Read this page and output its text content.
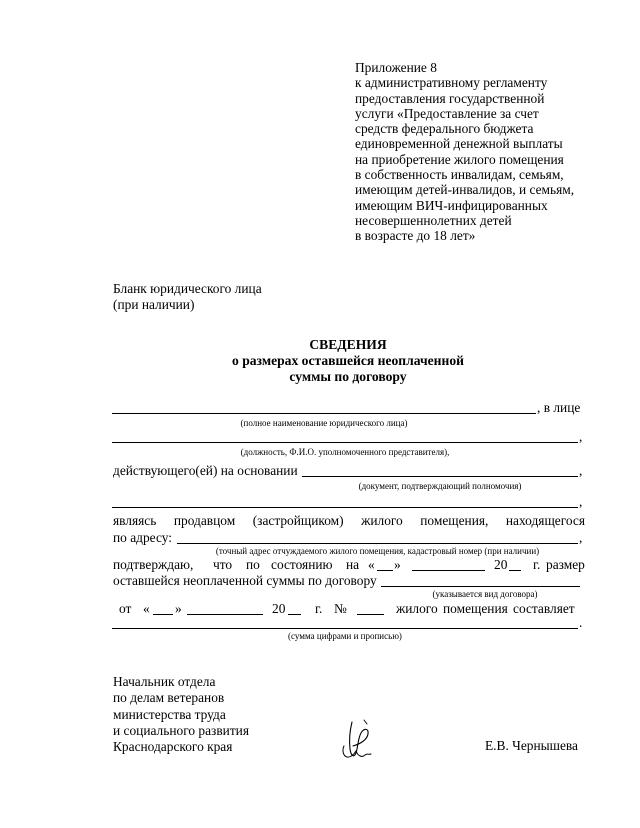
Приложение 8
к административному регламенту
предоставления государственной
услуги «Предоставление за счет
средств федерального бюджета
единовременной денежной выплаты
на приобретение жилого помещения
в собственность инвалидам, семьям,
имеющим детей-инвалидов, и семьям,
имеющим ВИЧ-инфицированных
несовершеннолетних детей
в возрасте до 18 лет»
Бланк юридического лица
(при наличии)
СВЕДЕНИЯ
о размерах оставшейся неоплаченной
суммы по договору
, в лице
(полное наименование юридического лица)
,
(должность, Ф.И.О. уполномоченного представителя),
действующего(ей) на основании	,
(документ, подтверждающий полномочия)
,
являясь продавцом (застройщиком) жилого помещения, находящегося
по адресу:	,
(точный адрес отчуждаемого жилого помещения, кадастровый номер (при наличии)
подтверждаю, что по состоянию на « »	20 г. размер
оставшейся неоплаченной суммы по договору
(указывается вид договора)
от « »	20 г. №	жилого помещения составляет
.
(сумма цифрами и прописью)
Начальник отдела
по делам ветеранов
министерства труда
и социального развития
Краснодарского края	Е.В. Чернышева
